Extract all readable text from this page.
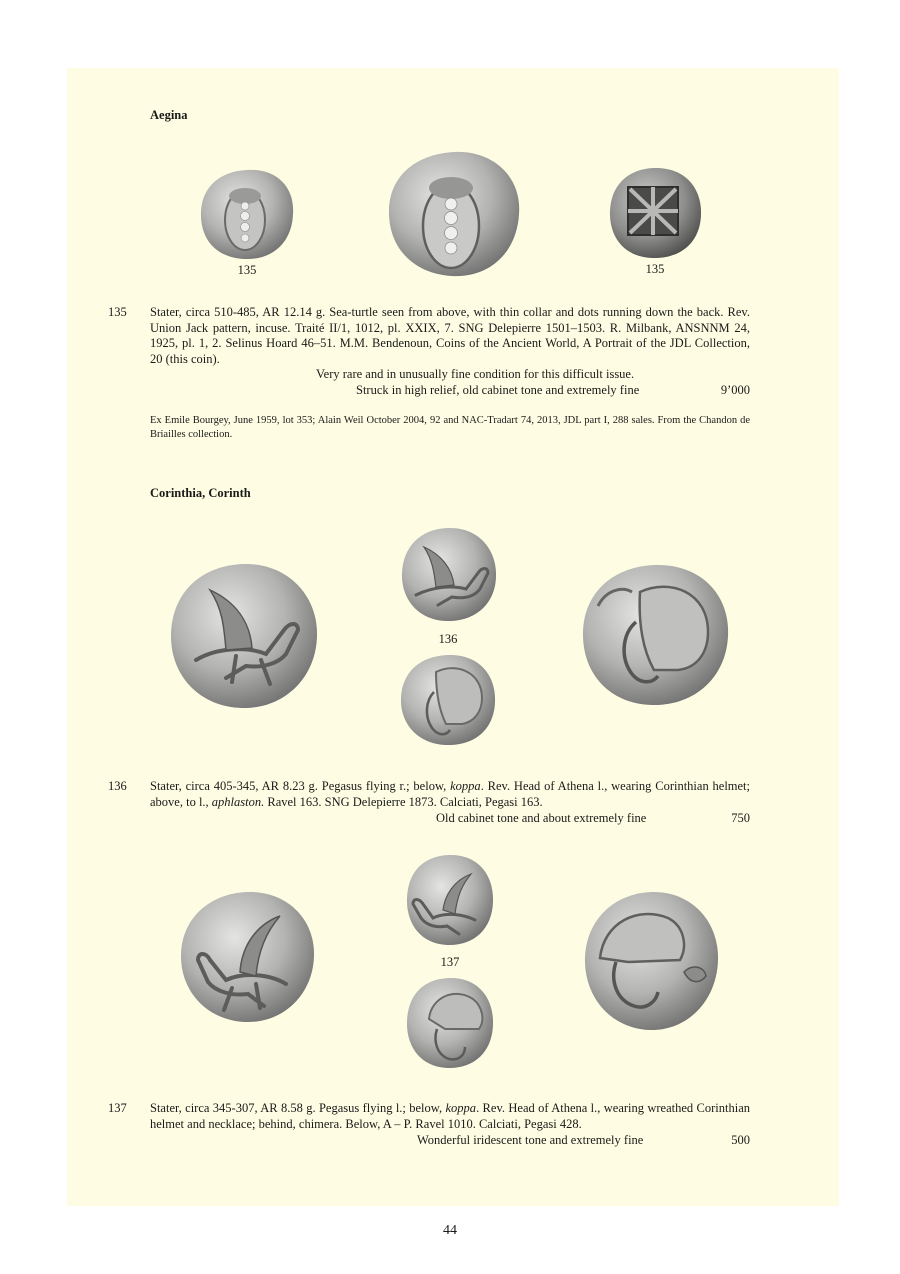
Aegina
135	135
135 Stater, circa 510-485, AR 12.14 g. Sea-turtle seen from above, with thin collar and dots running down the back. Rev. Union Jack pattern, incuse. Traité II/1, 1012, pl. XXIX, 7. SNG Delepierre 1501–1503. R. Milbank, ANSNNM 24, 1925, pl. 1, 2. Selinus Hoard 46–51. M.M. Bendenoun, Coins of the Ancient World, A Portrait of the JDL Collection, 20 (this coin).
Very rare and in unusually fine condition for this difficult issue.
Struck in high relief, old cabinet tone and extremely fine	9’000
Ex Emile Bourgey, June 1959, lot 353; Alain Weil October 2004, 92 and NAC-Tradart 74, 2013, JDL part I, 288 sales. From the Chandon de Briailles collection.
Corinthia, Corinth
136
136 Stater, circa 405-345, AR 8.23 g. Pegasus flying r.; below, koppa. Rev. Head of Athena l., wearing Corinthian helmet; above, to l., aphlaston. Ravel 163. SNG Delepierre 1873. Calciati, Pegasi 163.
Old cabinet tone and about extremely fine	750
137
137 Stater, circa 345-307, AR 8.58 g. Pegasus flying l.; below, koppa. Rev. Head of Athena l., wearing wreathed Corinthian helmet and necklace; behind, chimera. Below, A – P. Ravel 1010. Calciati, Pegasi 428.
Wonderful iridescent tone and extremely fine	500
44
